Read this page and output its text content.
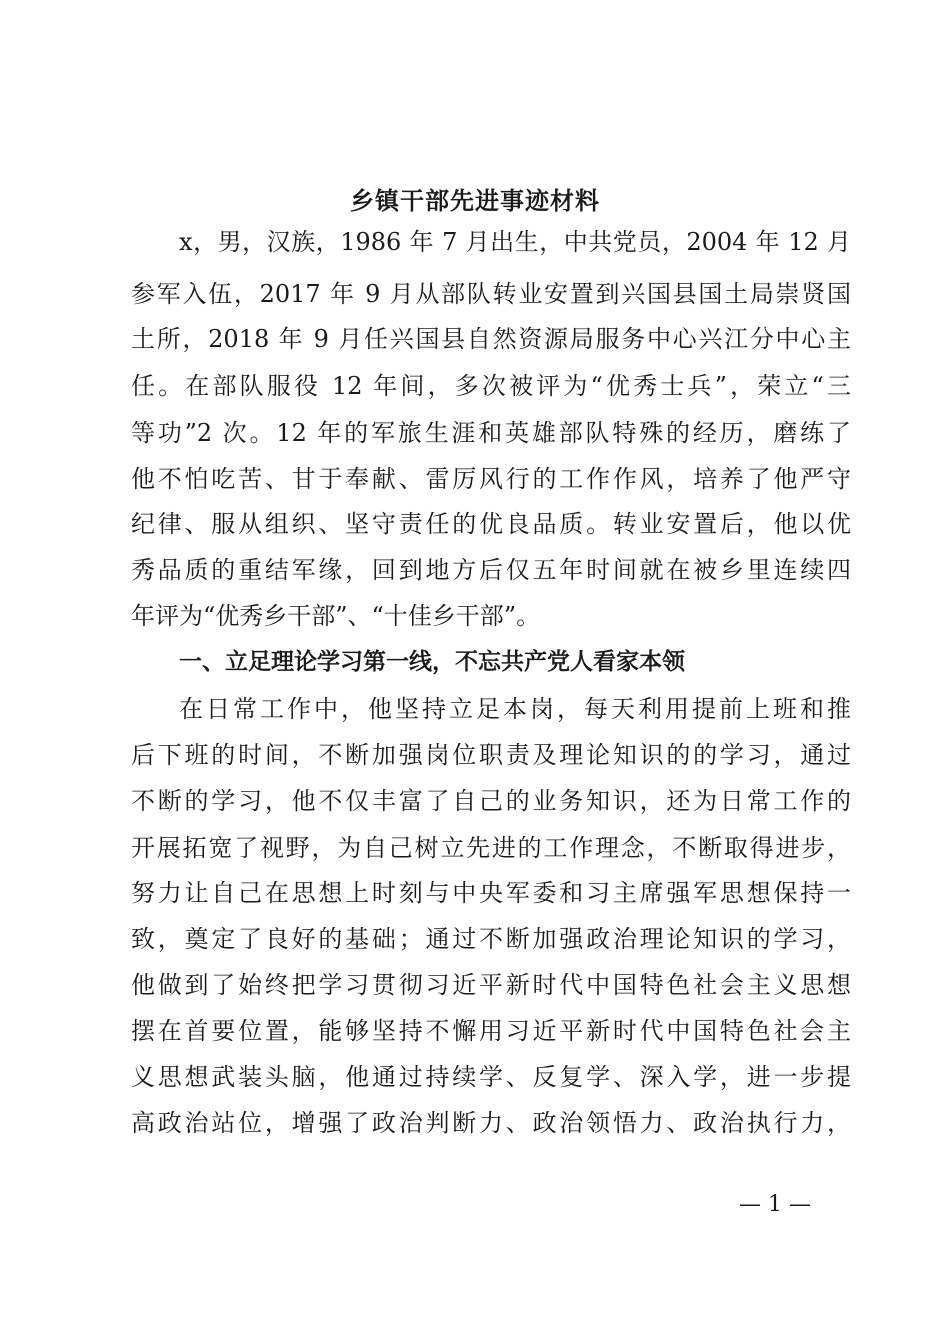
乡镇干部先进事迹材料
x，男，汉族，1986 年 7 月出生，中共党员，2004 年 12 月
参军入伍，2017 年 9 月从部队转业安置到兴国县国土局崇贤国
土所，2018 年 9 月任兴国县自然资源局服务中心兴江分中心主
任。在部队服役 12 年间，多次被评为“优秀士兵”，荣立“三
等功”2 次。12 年的军旅生涯和英雄部队特殊的经历，磨练了
他不怕吃苦、甘于奉献、雷厉风行的工作作风，培养了他严守
纪律、服从组织、坚守责任的优良品质。转业安置后，他以优
秀品质的重结军缘，回到地方后仅五年时间就在被乡里连续四
年评为“优秀乡干部”、“十佳乡干部”。
一、立足理论学习第一线，不忘共产党人看家本领
在日常工作中，他坚持立足本岗，每天利用提前上班和推
后下班的时间，不断加强岗位职责及理论知识的的学习，通过
不断的学习，他不仅丰富了自己的业务知识，还为日常工作的
开展拓宽了视野，为自己树立先进的工作理念，不断取得进步，
努力让自己在思想上时刻与中央军委和习主席强军思想保持一
致，奠定了良好的基础；通过不断加强政治理论知识的学习，
他做到了始终把学习贯彻习近平新时代中国特色社会主义思想
摆在首要位置，能够坚持不懈用习近平新时代中国特色社会主
义思想武装头脑，他通过持续学、反复学、深入学，进一步提
高政治站位，增强了政治判断力、政治领悟力、政治执行力，
— 1 —
